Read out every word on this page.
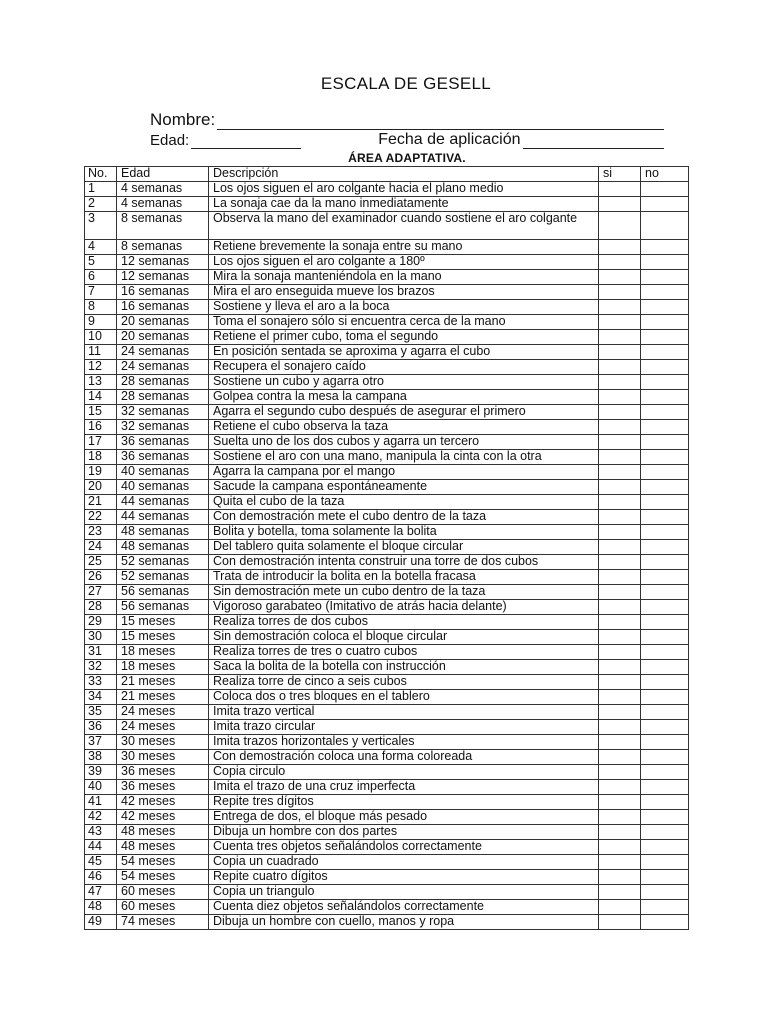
ESCALA DE GESELL
Nombre:
Edad:	Fecha de aplicación
ÁREA ADAPTATIVA.
No.	Edad	Descripción	si	no
1	4 semanas	Los ojos siguen el aro colgante hacia el plano medio		
2	4 semanas	La sonaja cae da la mano inmediatamente		
3	8 semanas	Observa la mano del examinador cuando sostiene el aro colgante		
4	8 semanas	Retiene brevemente la sonaja entre su mano		
5	12 semanas	Los ojos siguen el aro colgante a 180º		
6	12 semanas	Mira la sonaja manteniéndola en la mano		
7	16 semanas	Mira el aro enseguida mueve los brazos		
8	16 semanas	Sostiene y lleva el aro a la boca		
9	20 semanas	Toma el sonajero sólo si encuentra cerca de la mano		
10	20 semanas	Retiene el primer cubo, toma el segundo		
11	24 semanas	En posición sentada se aproxima y agarra el cubo		
12	24 semanas	Recupera el sonajero caído		
13	28 semanas	Sostiene un cubo y agarra otro		
14	28 semanas	Golpea contra la mesa la campana		
15	32 semanas	Agarra el segundo cubo después de asegurar el primero		
16	32 semanas	Retiene el cubo observa la taza		
17	36 semanas	Suelta uno de los dos cubos y agarra un tercero		
18	36 semanas	Sostiene el aro con una mano, manipula la cinta con la otra		
19	40 semanas	Agarra la campana por el mango		
20	40 semanas	Sacude la campana espontáneamente		
21	44 semanas	Quita el cubo de la taza		
22	44 semanas	Con demostración mete el cubo dentro de la taza		
23	48 semanas	Bolita y botella, toma solamente la bolita		
24	48 semanas	Del tablero quita solamente el bloque circular		
25	52 semanas	Con demostración intenta construir una torre de dos cubos		
26	52 semanas	Trata de introducir la bolita en la botella fracasa		
27	56 semanas	Sin demostración mete un cubo dentro de la taza		
28	56 semanas	Vigoroso garabateo (Imitativo de atrás hacia delante)		
29	15 meses	Realiza torres de dos cubos		
30	15 meses	Sin demostración coloca el bloque circular		
31	18 meses	Realiza torres de tres o cuatro cubos		
32	18 meses	Saca la bolita de la botella con instrucción		
33	21 meses	Realiza torre de cinco a seis cubos		
34	21 meses	Coloca dos o tres bloques en el tablero		
35	24 meses	Imita trazo vertical		
36	24 meses	Imita trazo circular		
37	30 meses	Imita trazos horizontales y verticales		
38	30 meses	Con demostración coloca una forma coloreada		
39	36 meses	Copia circulo		
40	36 meses	Imita el trazo de una cruz imperfecta		
41	42 meses	Repite tres dígitos		
42	42 meses	Entrega de dos, el bloque más pesado		
43	48 meses	Dibuja un hombre con dos partes		
44	48 meses	Cuenta tres objetos señalándolos correctamente		
45	54 meses	Copia un cuadrado		
46	54 meses	Repite cuatro dígitos		
47	60 meses	Copia un triangulo		
48	60 meses	Cuenta diez objetos señalándolos correctamente		
49	74 meses	Dibuja un hombre con cuello, manos y ropa		
